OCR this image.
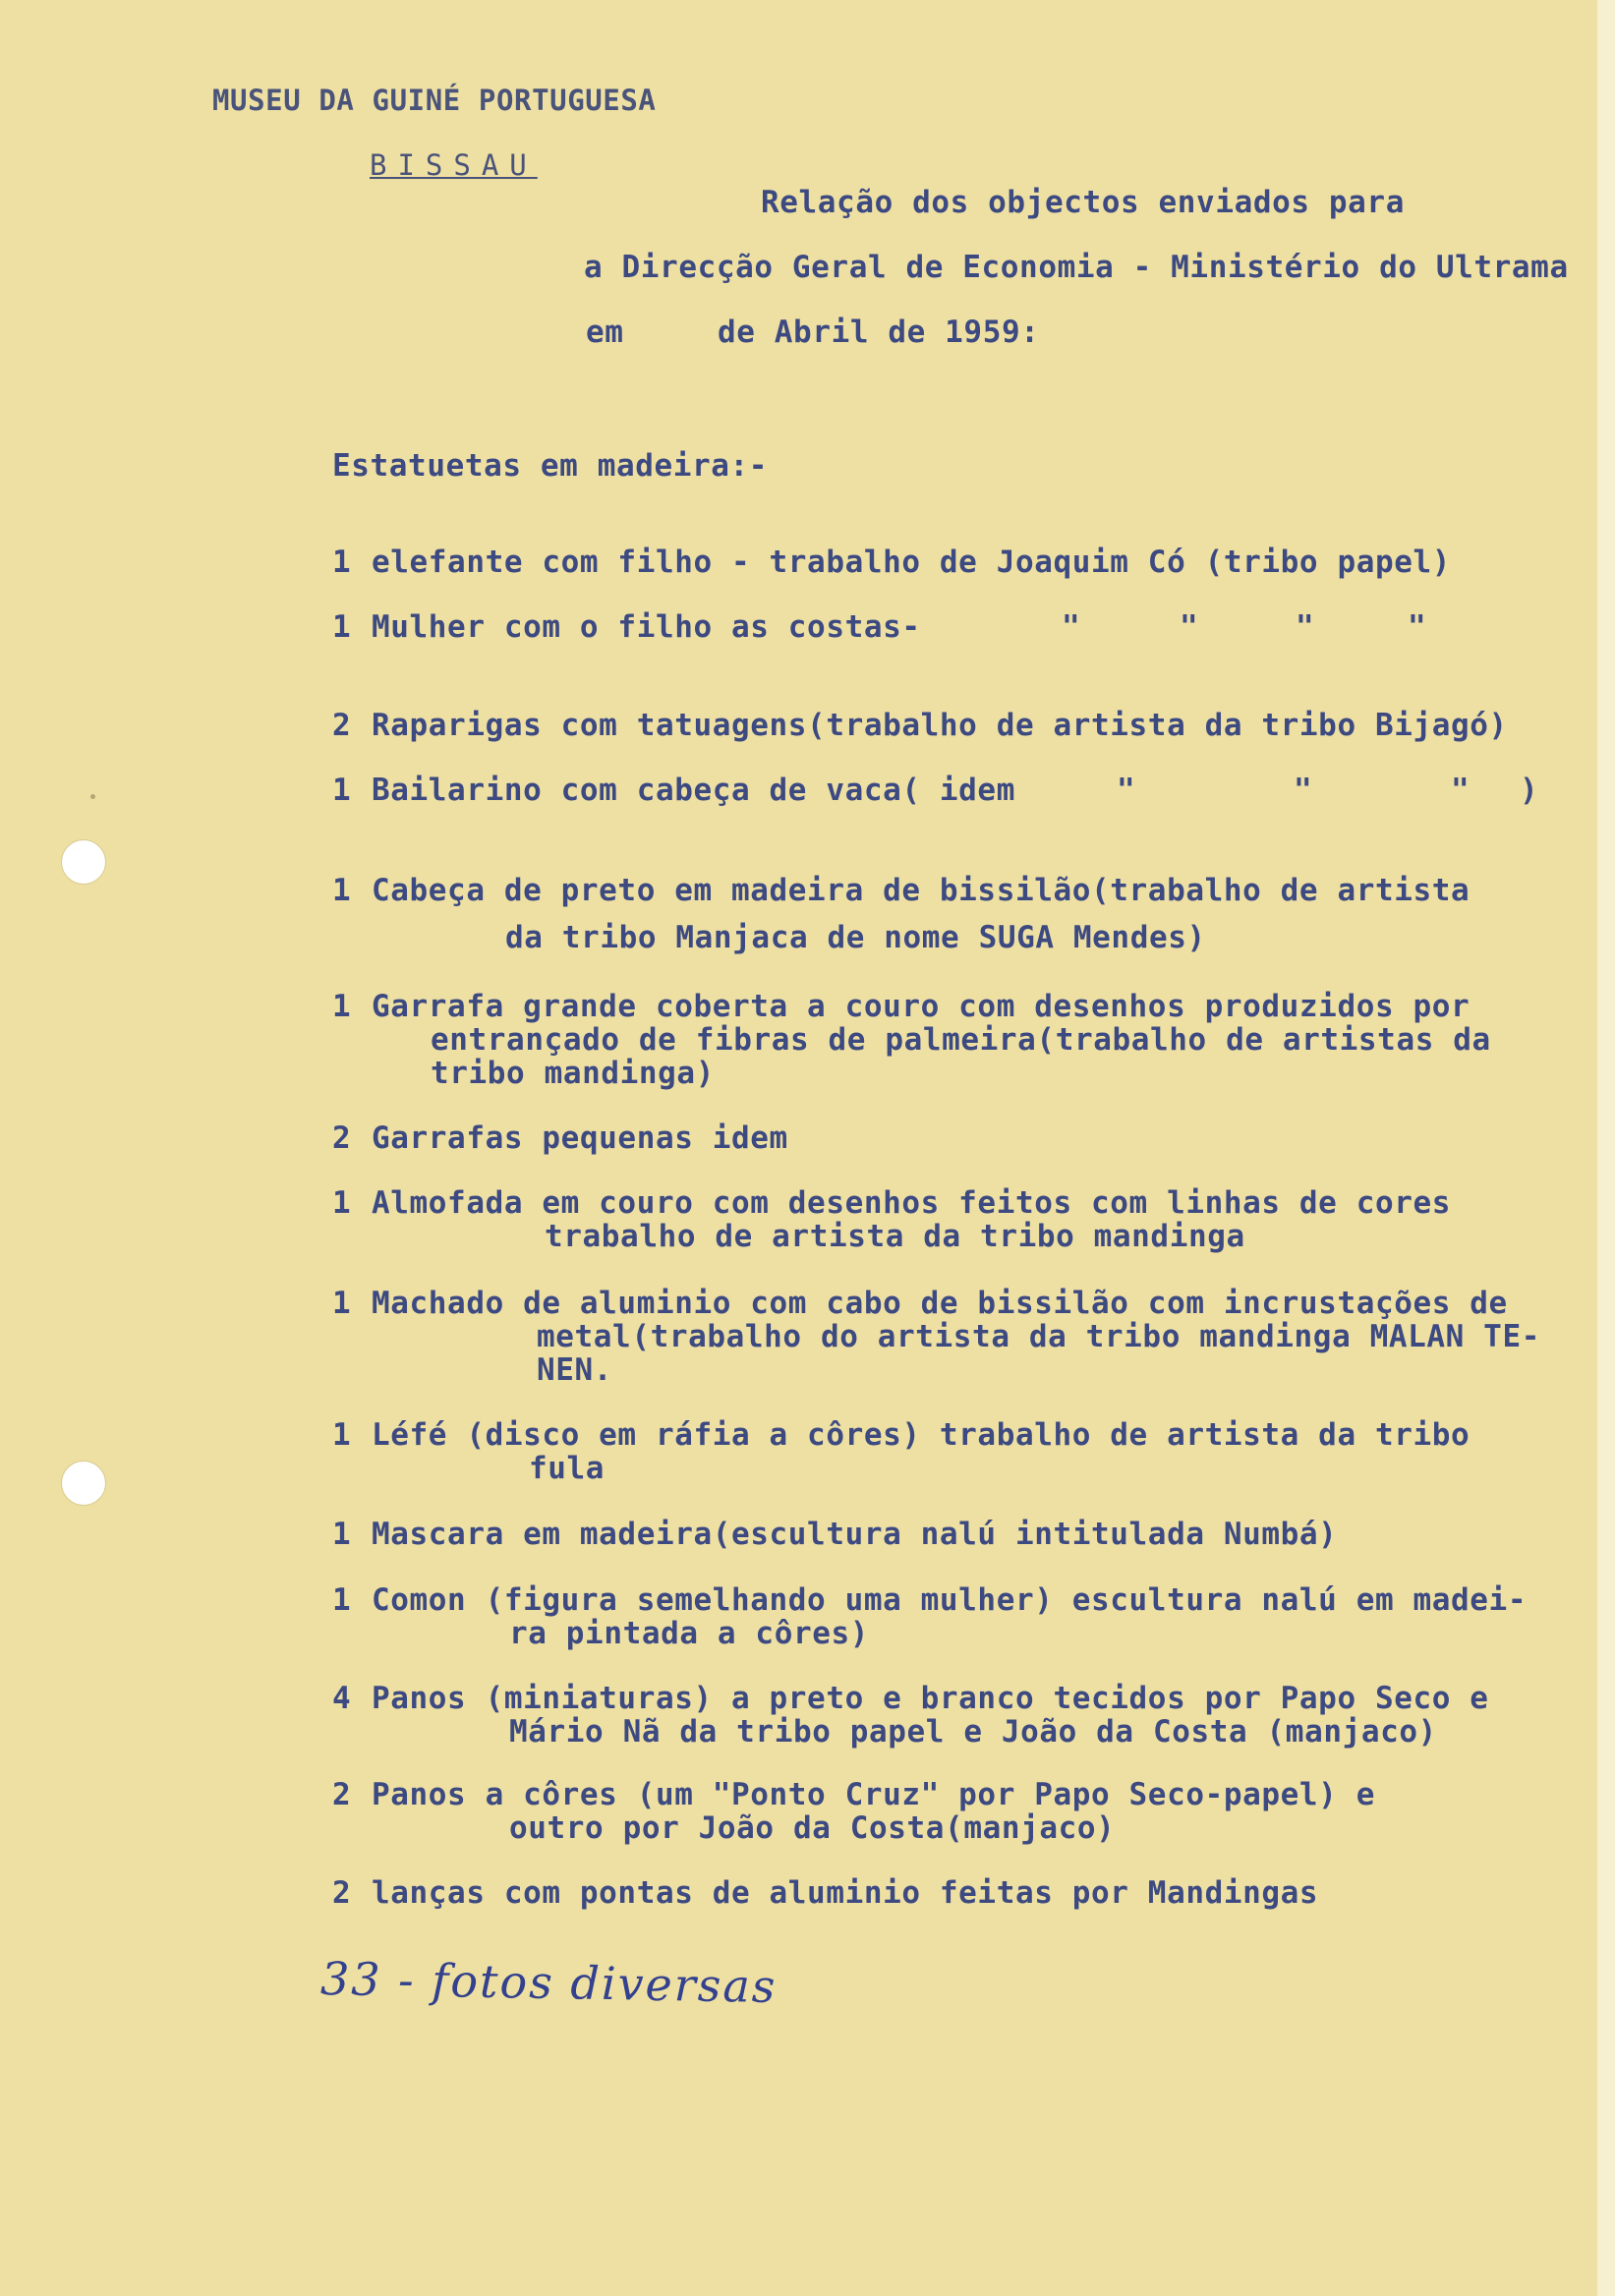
MUSEU DA GUINÉ PORTUGUESA
BISSAU
Relação dos objectos enviados para
a Direcção Geral de Economia - Ministério do Ultrama
em	de Abril de 1959:
Estatuetas em madeira:-
1 elefante com filho - trabalho de Joaquim Có (tribo papel)
1 Mulher com o filho as costas-	"	"	"	"
2 Raparigas com tatuagens(trabalho de artista da tribo Bijagó)
1 Bailarino com cabeça de vaca( idem	"	"	" )
1 Cabeça de preto em madeira de bissilão(trabalho de artista
da tribo Manjaca de nome SUGA Mendes)
1 Garrafa grande coberta a couro com desenhos produzidos por
entrançado de fibras de palmeira(trabalho de artistas da
tribo mandinga)
2 Garrafas pequenas idem
1 Almofada em couro com desenhos feitos com linhas de cores
trabalho de artista da tribo mandinga
1 Machado de aluminio com cabo de bissilão com incrustações de
metal(trabalho do artista da tribo mandinga MALAN TE-
NEN.
1 Léfé (disco em ráfia a côres) trabalho de artista da tribo
fula
1 Mascara em madeira(escultura nalú intitulada Numbá)
1 Comon (figura semelhando uma mulher) escultura nalú em madei-
ra pintada a côres)
4 Panos (miniaturas) a preto e branco tecidos por Papo Seco e
Mário Nã da tribo papel e João da Costa (manjaco)
2 Panos a côres (um "Ponto Cruz" por Papo Seco-papel) e
outro por João da Costa(manjaco)
2 lanças com pontas de aluminio feitas por Mandingas
33 - fotos diversas
